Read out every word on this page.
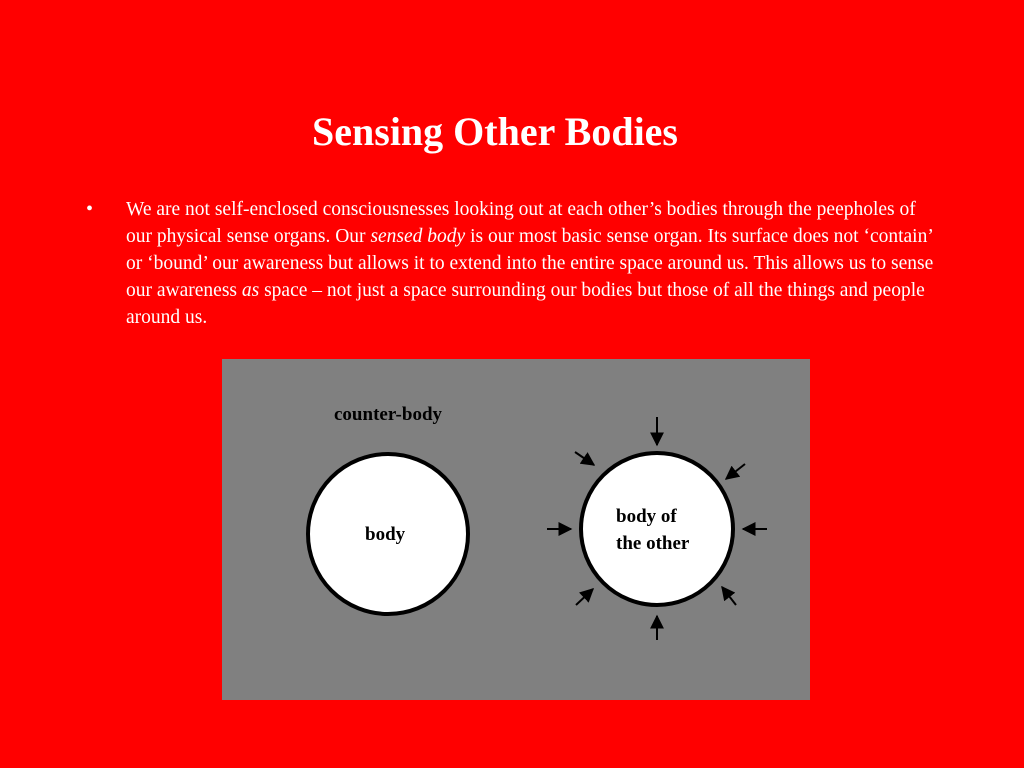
Sensing Other Bodies
• We are not self-enclosed consciousnesses looking out at each other’s bodies through the peepholes of our physical sense organs. Our sensed body is our most basic sense organ. Its surface does not ‘contain’ or ‘bound’ our awareness but allows it to extend into the entire space around us. This allows us to sense our awareness as space – not just a space surrounding our bodies but those of all the things and people around us.

counter-body

body

body of
the other
